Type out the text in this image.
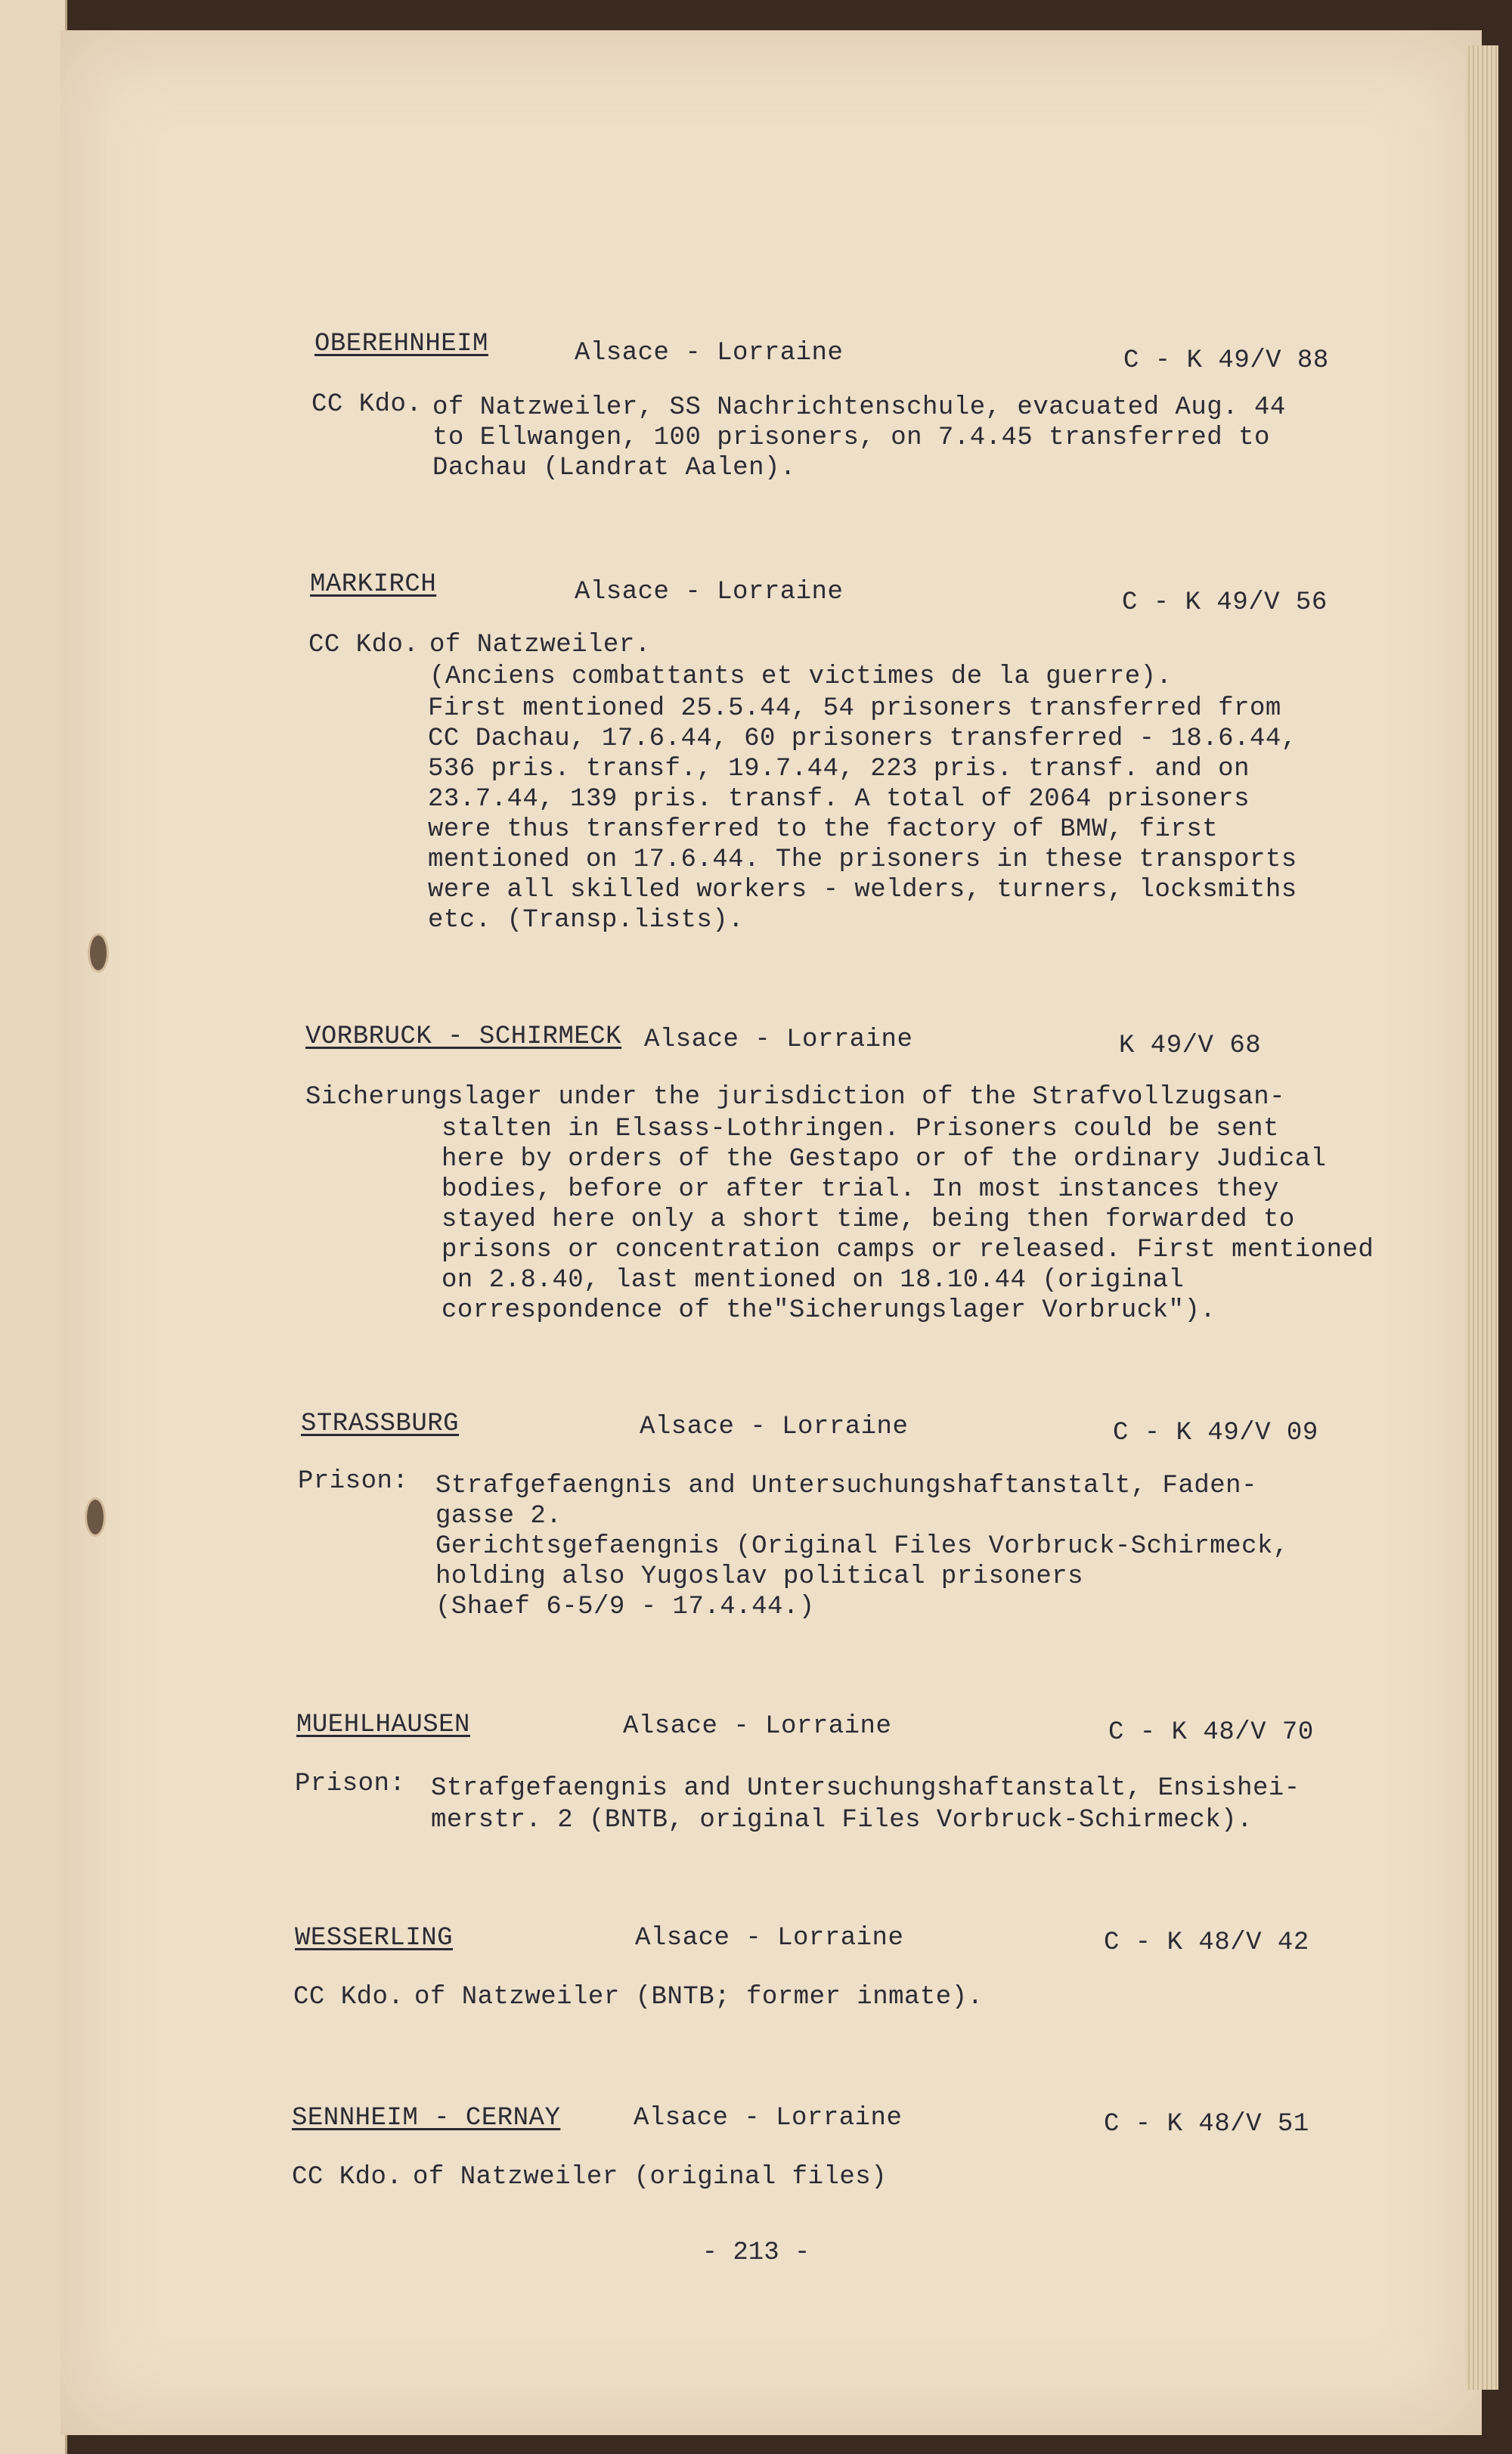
OBEREHNHEIM	Alsace - Lorraine	C - K 49/V 88
CC Kdo. of Natzweiler, SS Nachrichtenschule, evacuated Aug. 44
to Ellwangen, 100 prisoners, on 7.4.45 transferred to
Dachau (Landrat Aalen).
MARKIRCH	Alsace - Lorraine	C - K 49/V 56
CC Kdo. of Natzweiler.
(Anciens combattants et victimes de la guerre).
First mentioned 25.5.44, 54 prisoners transferred from
CC Dachau, 17.6.44, 60 prisoners transferred - 18.6.44,
536 pris. transf., 19.7.44, 223 pris. transf. and on
23.7.44, 139 pris. transf. A total of 2064 prisoners
were thus transferred to the factory of BMW, first
mentioned on 17.6.44. The prisoners in these transports
were all skilled workers - welders, turners, locksmiths
etc. (Transp.lists).
VORBRUCK - SCHIRMECK Alsace - Lorraine	K 49/V 68
Sicherungslager under the jurisdiction of the Strafvollzugsan-
stalten in Elsass-Lothringen. Prisoners could be sent
here by orders of the Gestapo or of the ordinary Judical
bodies, before or after trial. In most instances they
stayed here only a short time, being then forwarded to
prisons or concentration camps or released. First mentioned
on 2.8.40, last mentioned on 18.10.44 (original
correspondence of the"Sicherungslager Vorbruck").
STRASSBURG	Alsace - Lorraine	C - K 49/V 09
Prison: Strafgefaengnis and Untersuchungshaftanstalt, Faden-
gasse 2.
Gerichtsgefaengnis (Original Files Vorbruck-Schirmeck,
holding also Yugoslav political prisoners
(Shaef 6-5/9 - 17.4.44.)
MUEHLHAUSEN	Alsace - Lorraine	C - K 48/V 70
Prison: Strafgefaengnis and Untersuchungshaftanstalt, Ensishei-
merstr. 2 (BNTB, original Files Vorbruck-Schirmeck).
WESSERLING	Alsace - Lorraine	C - K 48/V 42
CC Kdo. of Natzweiler (BNTB; former inmate).
SENNHEIM - CERNAY	Alsace - Lorraine	C - K 48/V 51
CC Kdo. of Natzweiler (original files)
- 213 -
